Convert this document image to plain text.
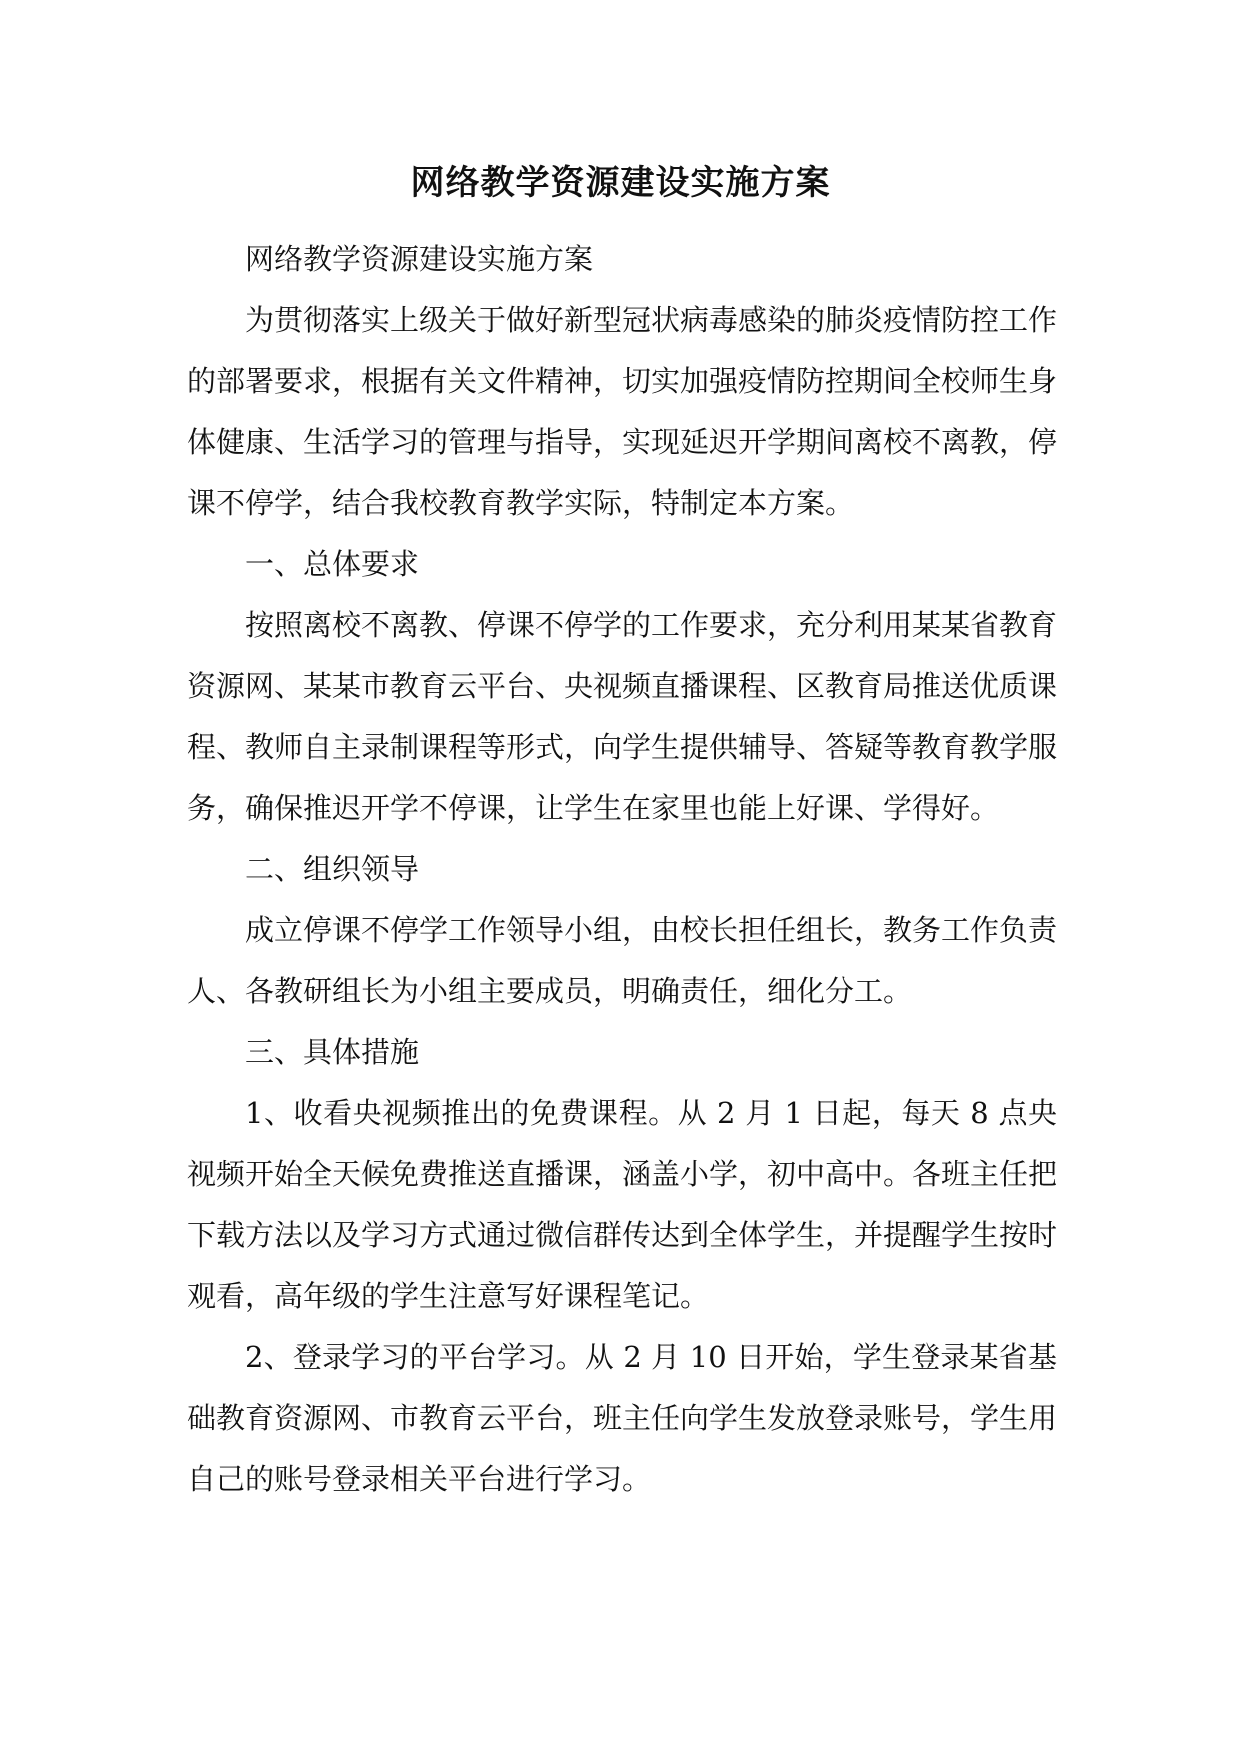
网络教学资源建设实施方案

网络教学资源建设实施方案

为贯彻落实上级关于做好新型冠状病毒感染的肺炎疫情防控工作的部署要求，根据有关文件精神，切实加强疫情防控期间全校师生身体健康、生活学习的管理与指导，实现延迟开学期间离校不离教，停课不停学，结合我校教育教学实际，特制定本方案。

一、总体要求

按照离校不离教、停课不停学的工作要求，充分利用某某省教育资源网、某某市教育云平台、央视频直播课程、区教育局推送优质课程、教师自主录制课程等形式，向学生提供辅导、答疑等教育教学服务，确保推迟开学不停课，让学生在家里也能上好课、学得好。

二、组织领导

成立停课不停学工作领导小组，由校长担任组长，教务工作负责人、各教研组长为小组主要成员，明确责任，细化分工。

三、具体措施

1、收看央视频推出的免费课程。从 2 月 1 日起，每天 8 点央视频开始全天候免费推送直播课，涵盖小学，初中高中。各班主任把下载方法以及学习方式通过微信群传达到全体学生，并提醒学生按时观看，高年级的学生注意写好课程笔记。

2、登录学习的平台学习。从 2 月 10 日开始，学生登录某省基础教育资源网、市教育云平台，班主任向学生发放登录账号，学生用自己的账号登录相关平台进行学习。
